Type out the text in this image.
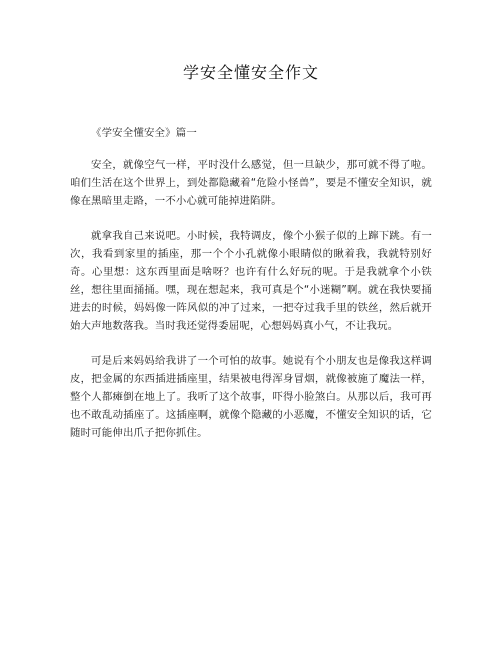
学安全懂安全作文

《学安全懂安全》篇一

安全，就像空气一样，平时没什么感觉，但一旦缺少，那可就不得了啦。咱们生活在这个世界上，到处都隐藏着“危险小怪兽”，要是不懂安全知识，就像在黑暗里走路，一不小心就可能掉进陷阱。

就拿我自己来说吧。小时候，我特调皮，像个小猴子似的上蹿下跳。有一次，我看到家里的插座，那一个个小孔就像小眼睛似的瞅着我，我就特别好奇。心里想：这东西里面是啥呀？也许有什么好玩的呢。于是我就拿个小铁丝，想往里面捅捅。嘿，现在想起来，我可真是个“小迷糊”啊。就在我快要捅进去的时候，妈妈像一阵风似的冲了过来，一把夺过我手里的铁丝，然后就开始大声地数落我。当时我还觉得委屈呢，心想妈妈真小气，不让我玩。

可是后来妈妈给我讲了一个可怕的故事。她说有个小朋友也是像我这样调皮，把金属的东西插进插座里，结果被电得浑身冒烟，就像被施了魔法一样，整个人都瘫倒在地上了。我听了这个故事，吓得小脸煞白。从那以后，我可再也不敢乱动插座了。这插座啊，就像个隐藏的小恶魔，不懂安全知识的话，它随时可能伸出爪子把你抓住。
